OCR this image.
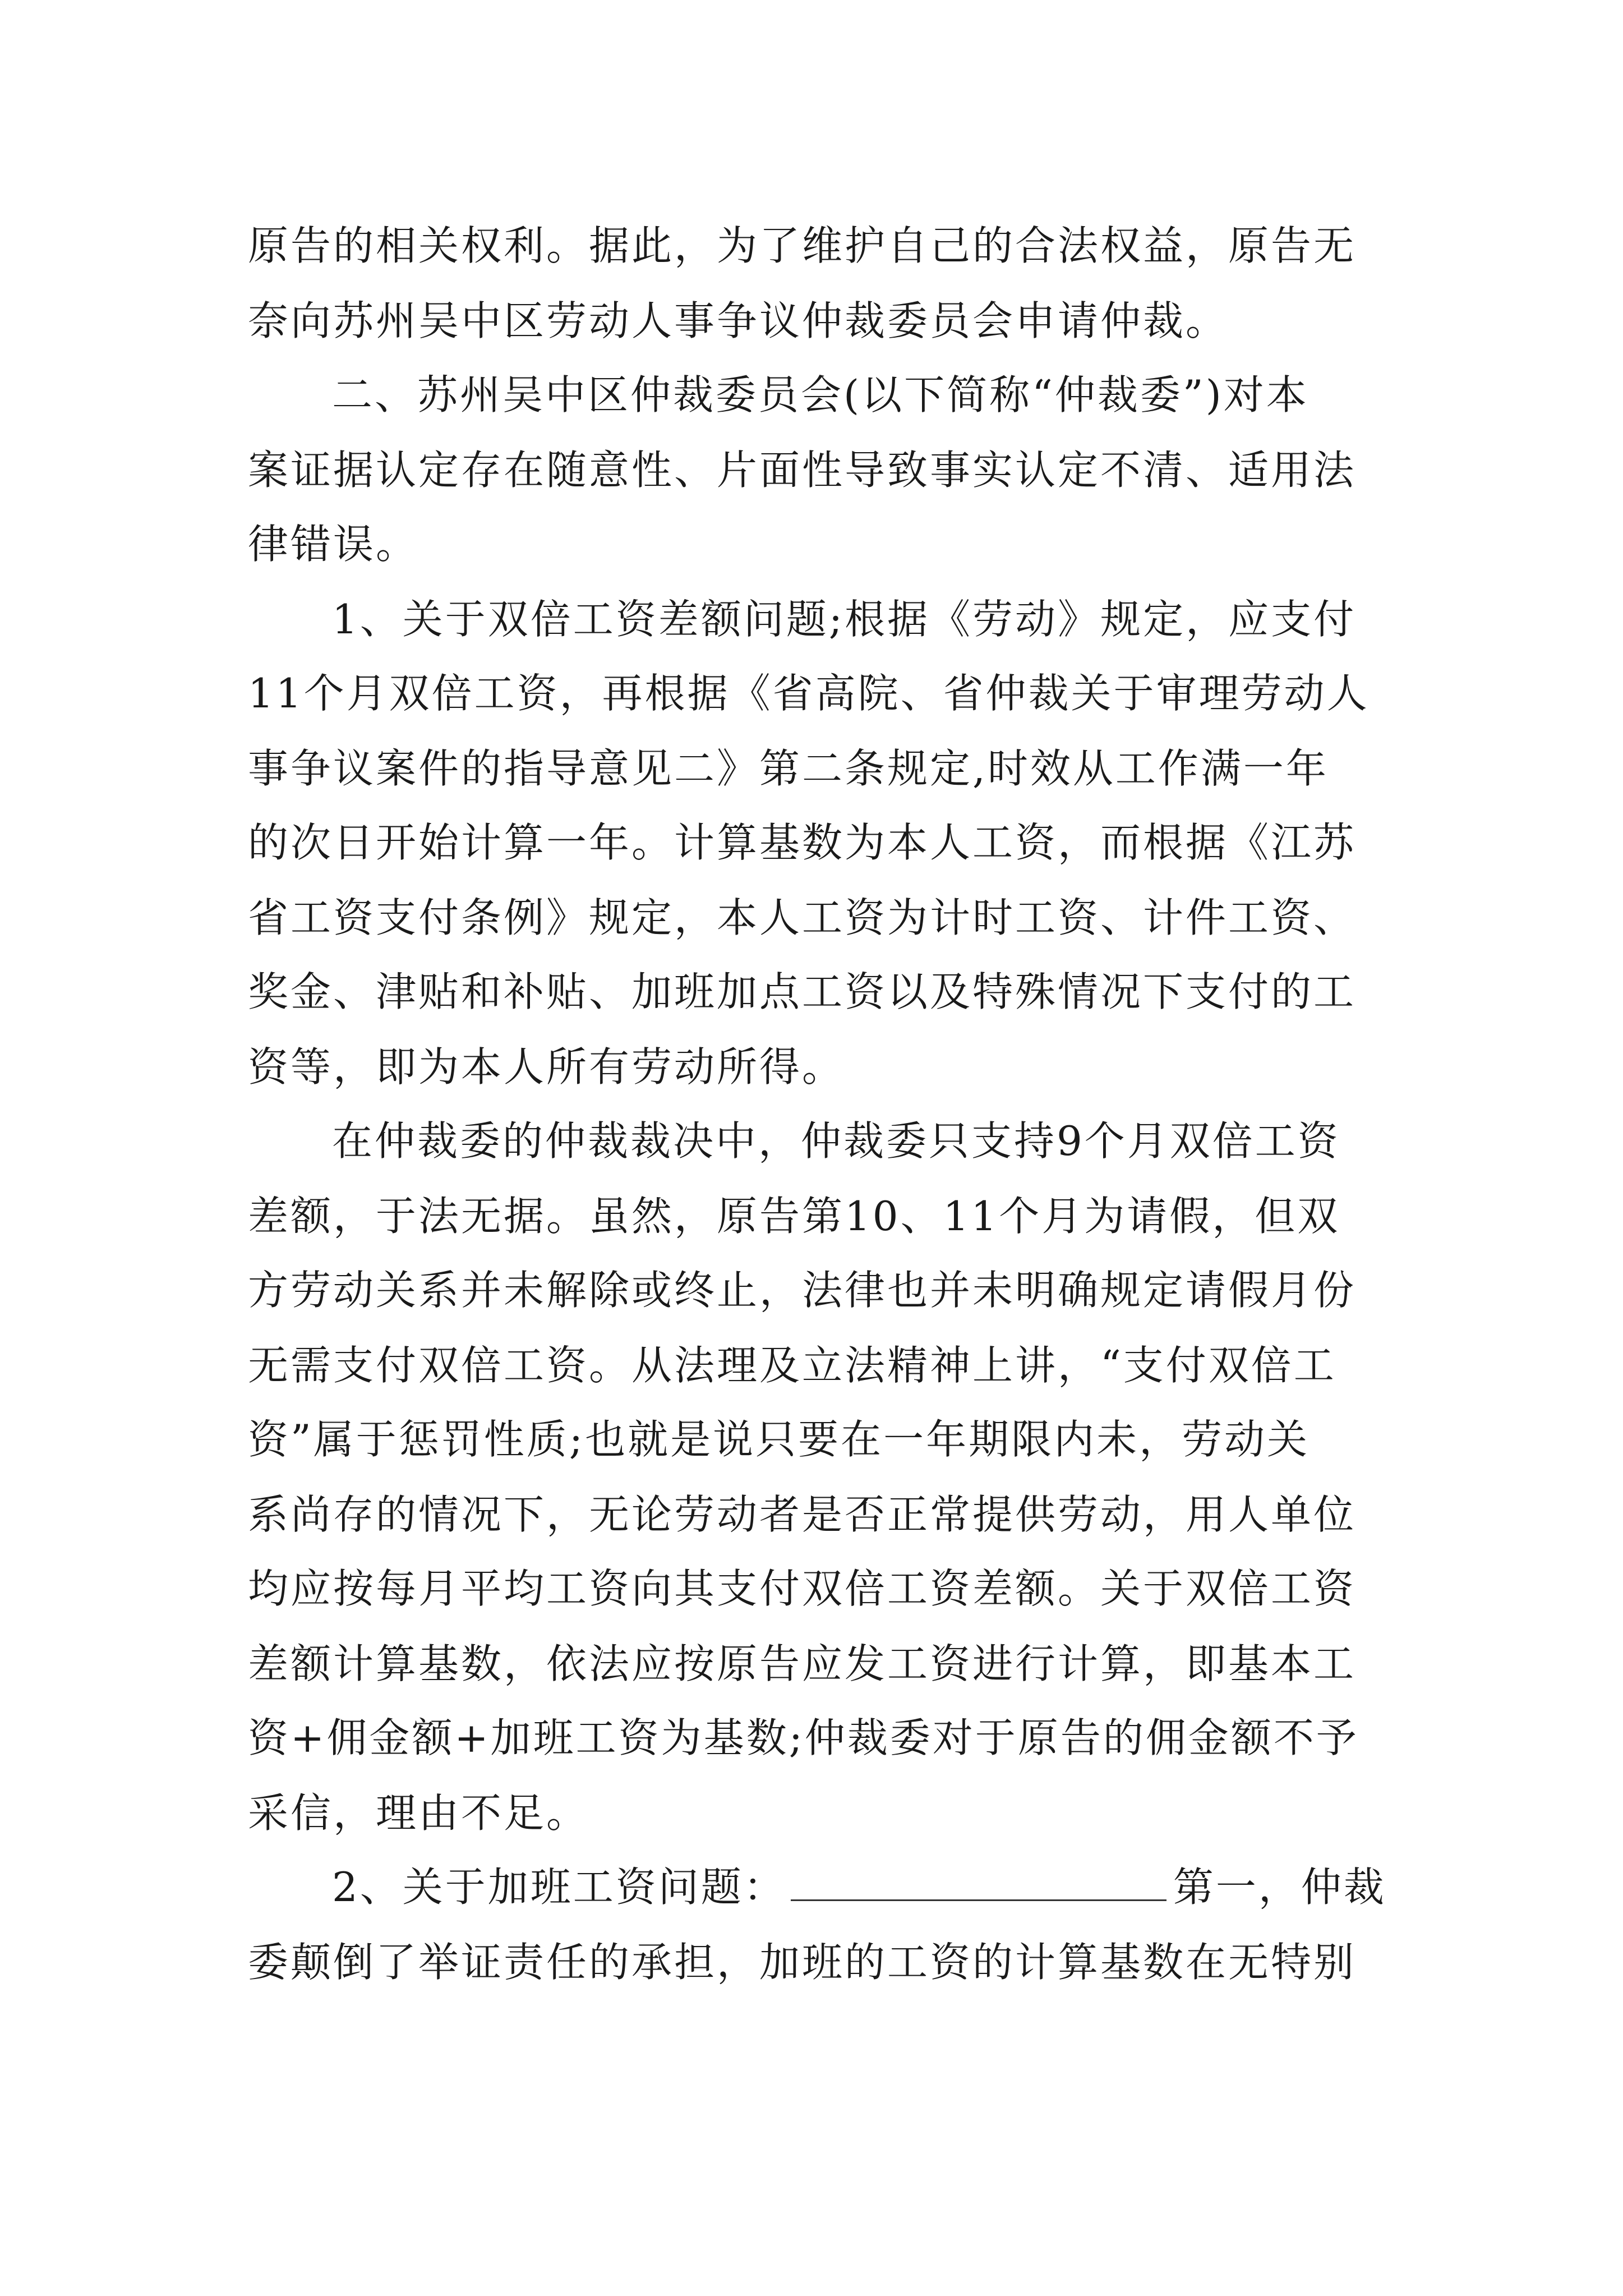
原告的相关权利。据此，为了维护自己的合法权益，原告无
奈向苏州吴中区劳动人事争议仲裁委员会申请仲裁。
二、苏州吴中区仲裁委员会(以下简称“仲裁委”)对本
案证据认定存在随意性、片面性导致事实认定不清、适用法
律错误。
1、关于双倍工资差额问题;根据《劳动》规定，应支付
11个月双倍工资，再根据《省高院、省仲裁关于审理劳动人
事争议案件的指导意见二》第二条规定,时效从工作满一年
的次日开始计算一年。计算基数为本人工资，而根据《江苏
省工资支付条例》规定，本人工资为计时工资、计件工资、
奖金、津贴和补贴、加班加点工资以及特殊情况下支付的工
资等，即为本人所有劳动所得。
在仲裁委的仲裁裁决中，仲裁委只支持9个月双倍工资
差额，于法无据。虽然，原告第10、11个月为请假，但双
方劳动关系并未解除或终止，法律也并未明确规定请假月份
无需支付双倍工资。从法理及立法精神上讲，“支付双倍工
资”属于惩罚性质;也就是说只要在一年期限内未，劳动关
系尚存的情况下，无论劳动者是否正常提供劳动，用人单位
均应按每月平均工资向其支付双倍工资差额。关于双倍工资
差额计算基数，依法应按原告应发工资进行计算，即基本工
资+佣金额+加班工资为基数;仲裁委对于原告的佣金额不予
采信，理由不足。
2、关于加班工资问题：	第一，仲裁
委颠倒了举证责任的承担，加班的工资的计算基数在无特别
